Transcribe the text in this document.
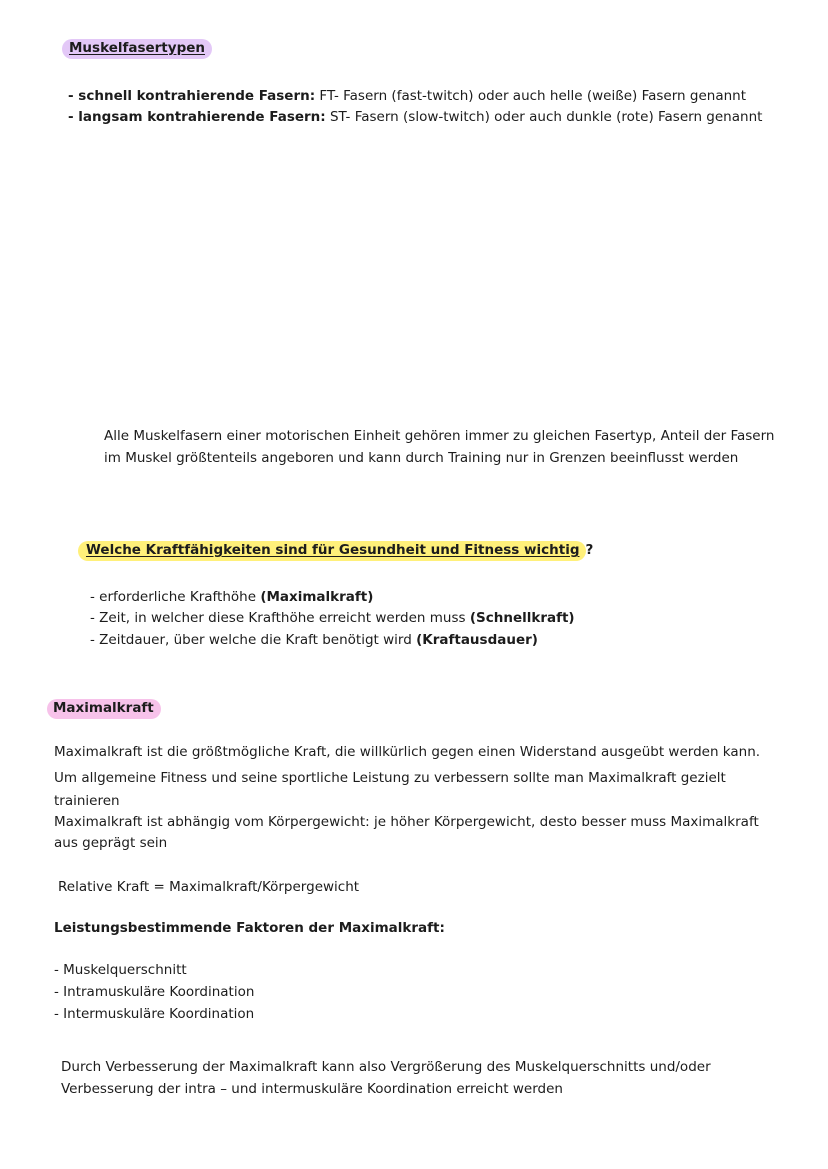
Muskelfasertypen
- schnell kontrahierende Fasern: FT- Fasern (fast-twitch) oder auch helle (weiße) Fasern genannt
- langsam kontrahierende Fasern: ST- Fasern (slow-twitch) oder auch dunkle (rote) Fasern genannt
Alle Muskelfasern einer motorischen Einheit gehören immer zu gleichen Fasertyp, Anteil der Fasern
im Muskel größtenteils angeboren und kann durch Training nur in Grenzen beeinflusst werden
Welche Kraftfähigkeiten sind für Gesundheit und Fitness wichtig ?
- erforderliche Krafthöhe (Maximalkraft)
- Zeit, in welcher diese Krafthöhe erreicht werden muss (Schnellkraft)
- Zeitdauer, über welche die Kraft benötigt wird (Kraftausdauer)
Maximalkraft
Maximalkraft ist die größtmögliche Kraft, die willkürlich gegen einen Widerstand ausgeübt werden kann.
Um allgemeine Fitness und seine sportliche Leistung zu verbessern sollte man Maximalkraft gezielt
trainieren
Maximalkraft ist abhängig vom Körpergewicht: je höher Körpergewicht, desto besser muss Maximalkraft
aus geprägt sein
Relative Kraft = Maximalkraft/Körpergewicht
Leistungsbestimmende Faktoren der Maximalkraft:
- Muskelquerschnitt
- Intramuskuläre Koordination
- Intermuskuläre Koordination
Durch Verbesserung der Maximalkraft kann also Vergrößerung des Muskelquerschnitts und/oder
Verbesserung der intra – und intermuskuläre Koordination erreicht werden
